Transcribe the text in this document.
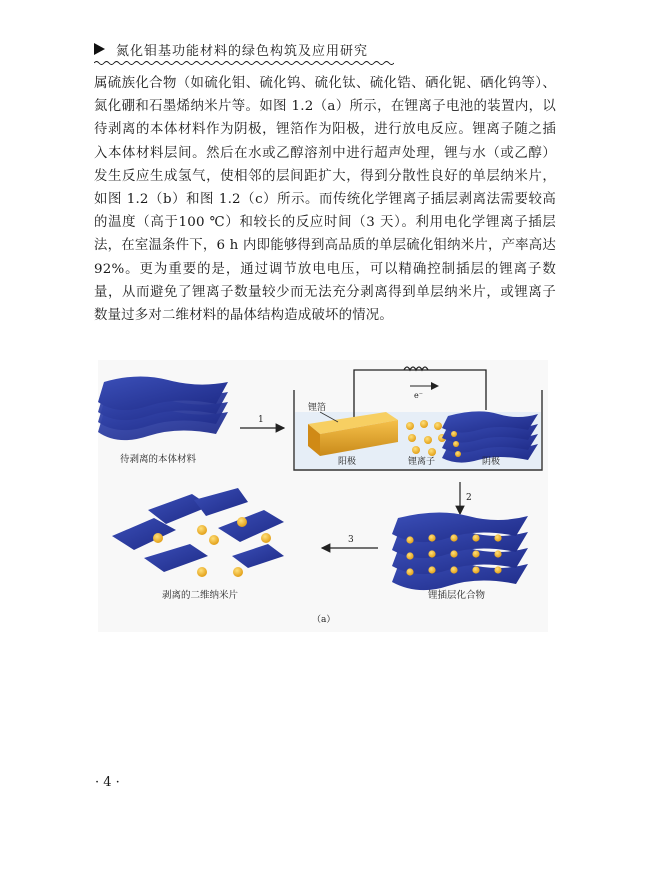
氮化钼基功能材料的绿色构筑及应用研究

属硫族化合物（如硫化钼、硫化钨、硫化钛、硫化锆、硒化铌、硒化钨等）、氮化硼和石墨烯纳米片等。如图 1.2（a）所示，在锂离子电池的装置内，以待剥离的本体材料作为阴极，锂箔作为阳极，进行放电反应。锂离子随之插入本体材料层间。然后在水或乙醇溶剂中进行超声处理，锂与水（或乙醇）发生反应生成氢气，使相邻的层间距扩大，得到分散性良好的单层纳米片，如图 1.2（b）和图 1.2（c）所示。而传统化学锂离子插层剥离法需要较高的温度（高于100 ℃）和较长的反应时间（3 天）。利用电化学锂离子插层法，在室温条件下，6 h 内即能够得到高品质的单层硫化钼纳米片，产率高达 92%。更为重要的是，通过调节放电电压，可以精确控制插层的锂离子数量，从而避免了锂离子数量较少而无法充分剥离得到单层纳米片，或锂离子数量过多对二维材料的晶体结构造成破坏的情况。

待剥离的本体材料
1
e⁻
锂箔
阳极	锂离子	阴极
2
锂插层化合物
3
剥离的二维纳米片
（a）
· 4 ·
